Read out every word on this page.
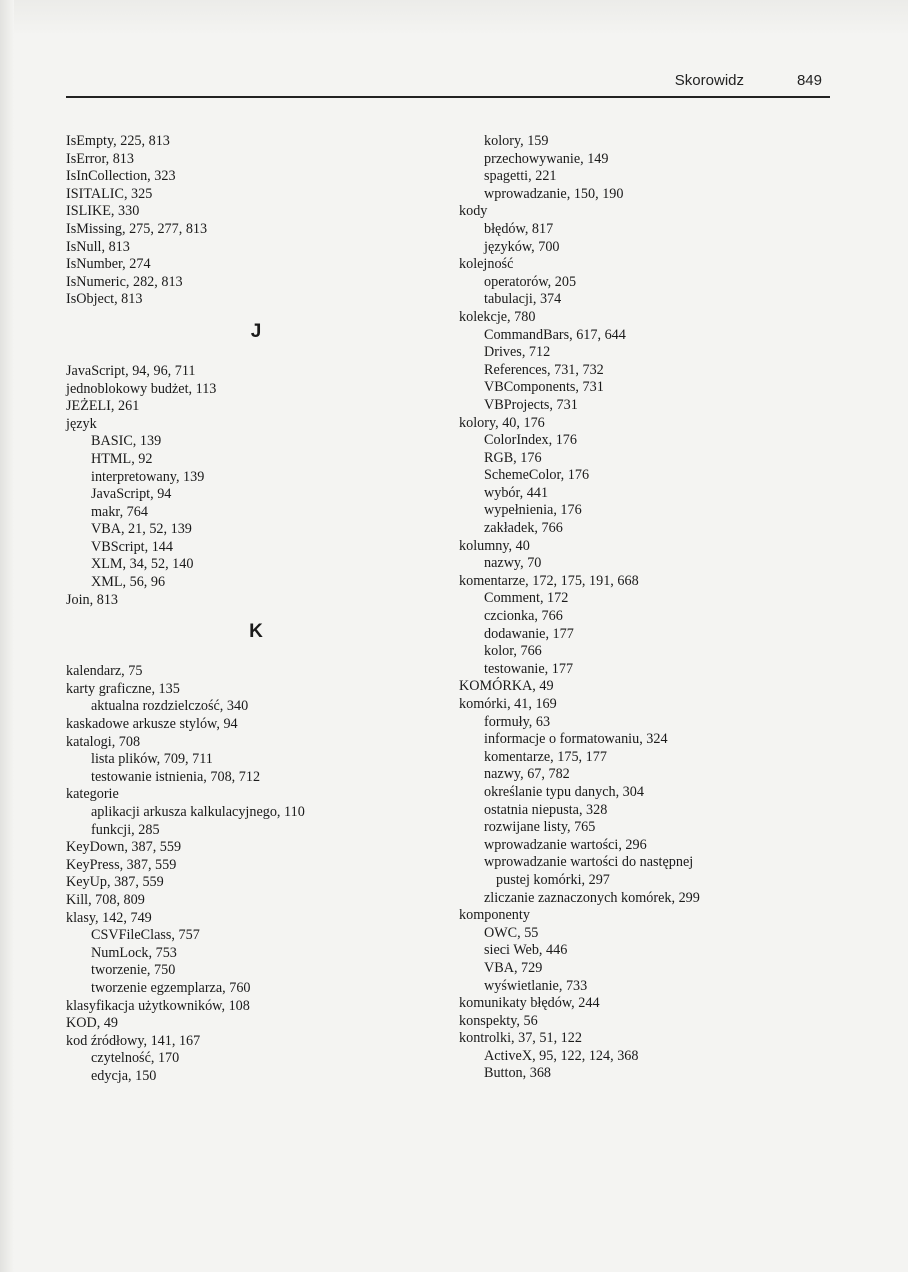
Skorowidz	849
IsEmpty, 225, 813
IsError, 813
IsInCollection, 323
ISITALIC, 325
ISLIKE, 330
IsMissing, 275, 277, 813
IsNull, 813
IsNumber, 274
IsNumeric, 282, 813
IsObject, 813
J
JavaScript, 94, 96, 711
jednoblokowy budżet, 113
JEŻELI, 261
język
BASIC, 139
HTML, 92
interpretowany, 139
JavaScript, 94
makr, 764
VBA, 21, 52, 139
VBScript, 144
XLM, 34, 52, 140
XML, 56, 96
Join, 813
K
kalendarz, 75
karty graficzne, 135
aktualna rozdzielczość, 340
kaskadowe arkusze stylów, 94
katalogi, 708
lista plików, 709, 711
testowanie istnienia, 708, 712
kategorie
aplikacji arkusza kalkulacyjnego, 110
funkcji, 285
KeyDown, 387, 559
KeyPress, 387, 559
KeyUp, 387, 559
Kill, 708, 809
klasy, 142, 749
CSVFileClass, 757
NumLock, 753
tworzenie, 750
tworzenie egzemplarza, 760
klasyfikacja użytkowników, 108
KOD, 49
kod źródłowy, 141, 167
czytelność, 170
edycja, 150
kolory, 159
przechowywanie, 149
spagetti, 221
wprowadzanie, 150, 190
kody
błędów, 817
języków, 700
kolejność
operatorów, 205
tabulacji, 374
kolekcje, 780
CommandBars, 617, 644
Drives, 712
References, 731, 732
VBComponents, 731
VBProjects, 731
kolory, 40, 176
ColorIndex, 176
RGB, 176
SchemeColor, 176
wybór, 441
wypełnienia, 176
zakładek, 766
kolumny, 40
nazwy, 70
komentarze, 172, 175, 191, 668
Comment, 172
czcionka, 766
dodawanie, 177
kolor, 766
testowanie, 177
KOMÓRKA, 49
komórki, 41, 169
formuły, 63
informacje o formatowaniu, 324
komentarze, 175, 177
nazwy, 67, 782
określanie typu danych, 304
ostatnia niepusta, 328
rozwijane listy, 765
wprowadzanie wartości, 296
wprowadzanie wartości do następnej
pustej komórki, 297
zliczanie zaznaczonych komórek, 299
komponenty
OWC, 55
sieci Web, 446
VBA, 729
wyświetlanie, 733
komunikaty błędów, 244
konspekty, 56
kontrolki, 37, 51, 122
ActiveX, 95, 122, 124, 368
Button, 368
